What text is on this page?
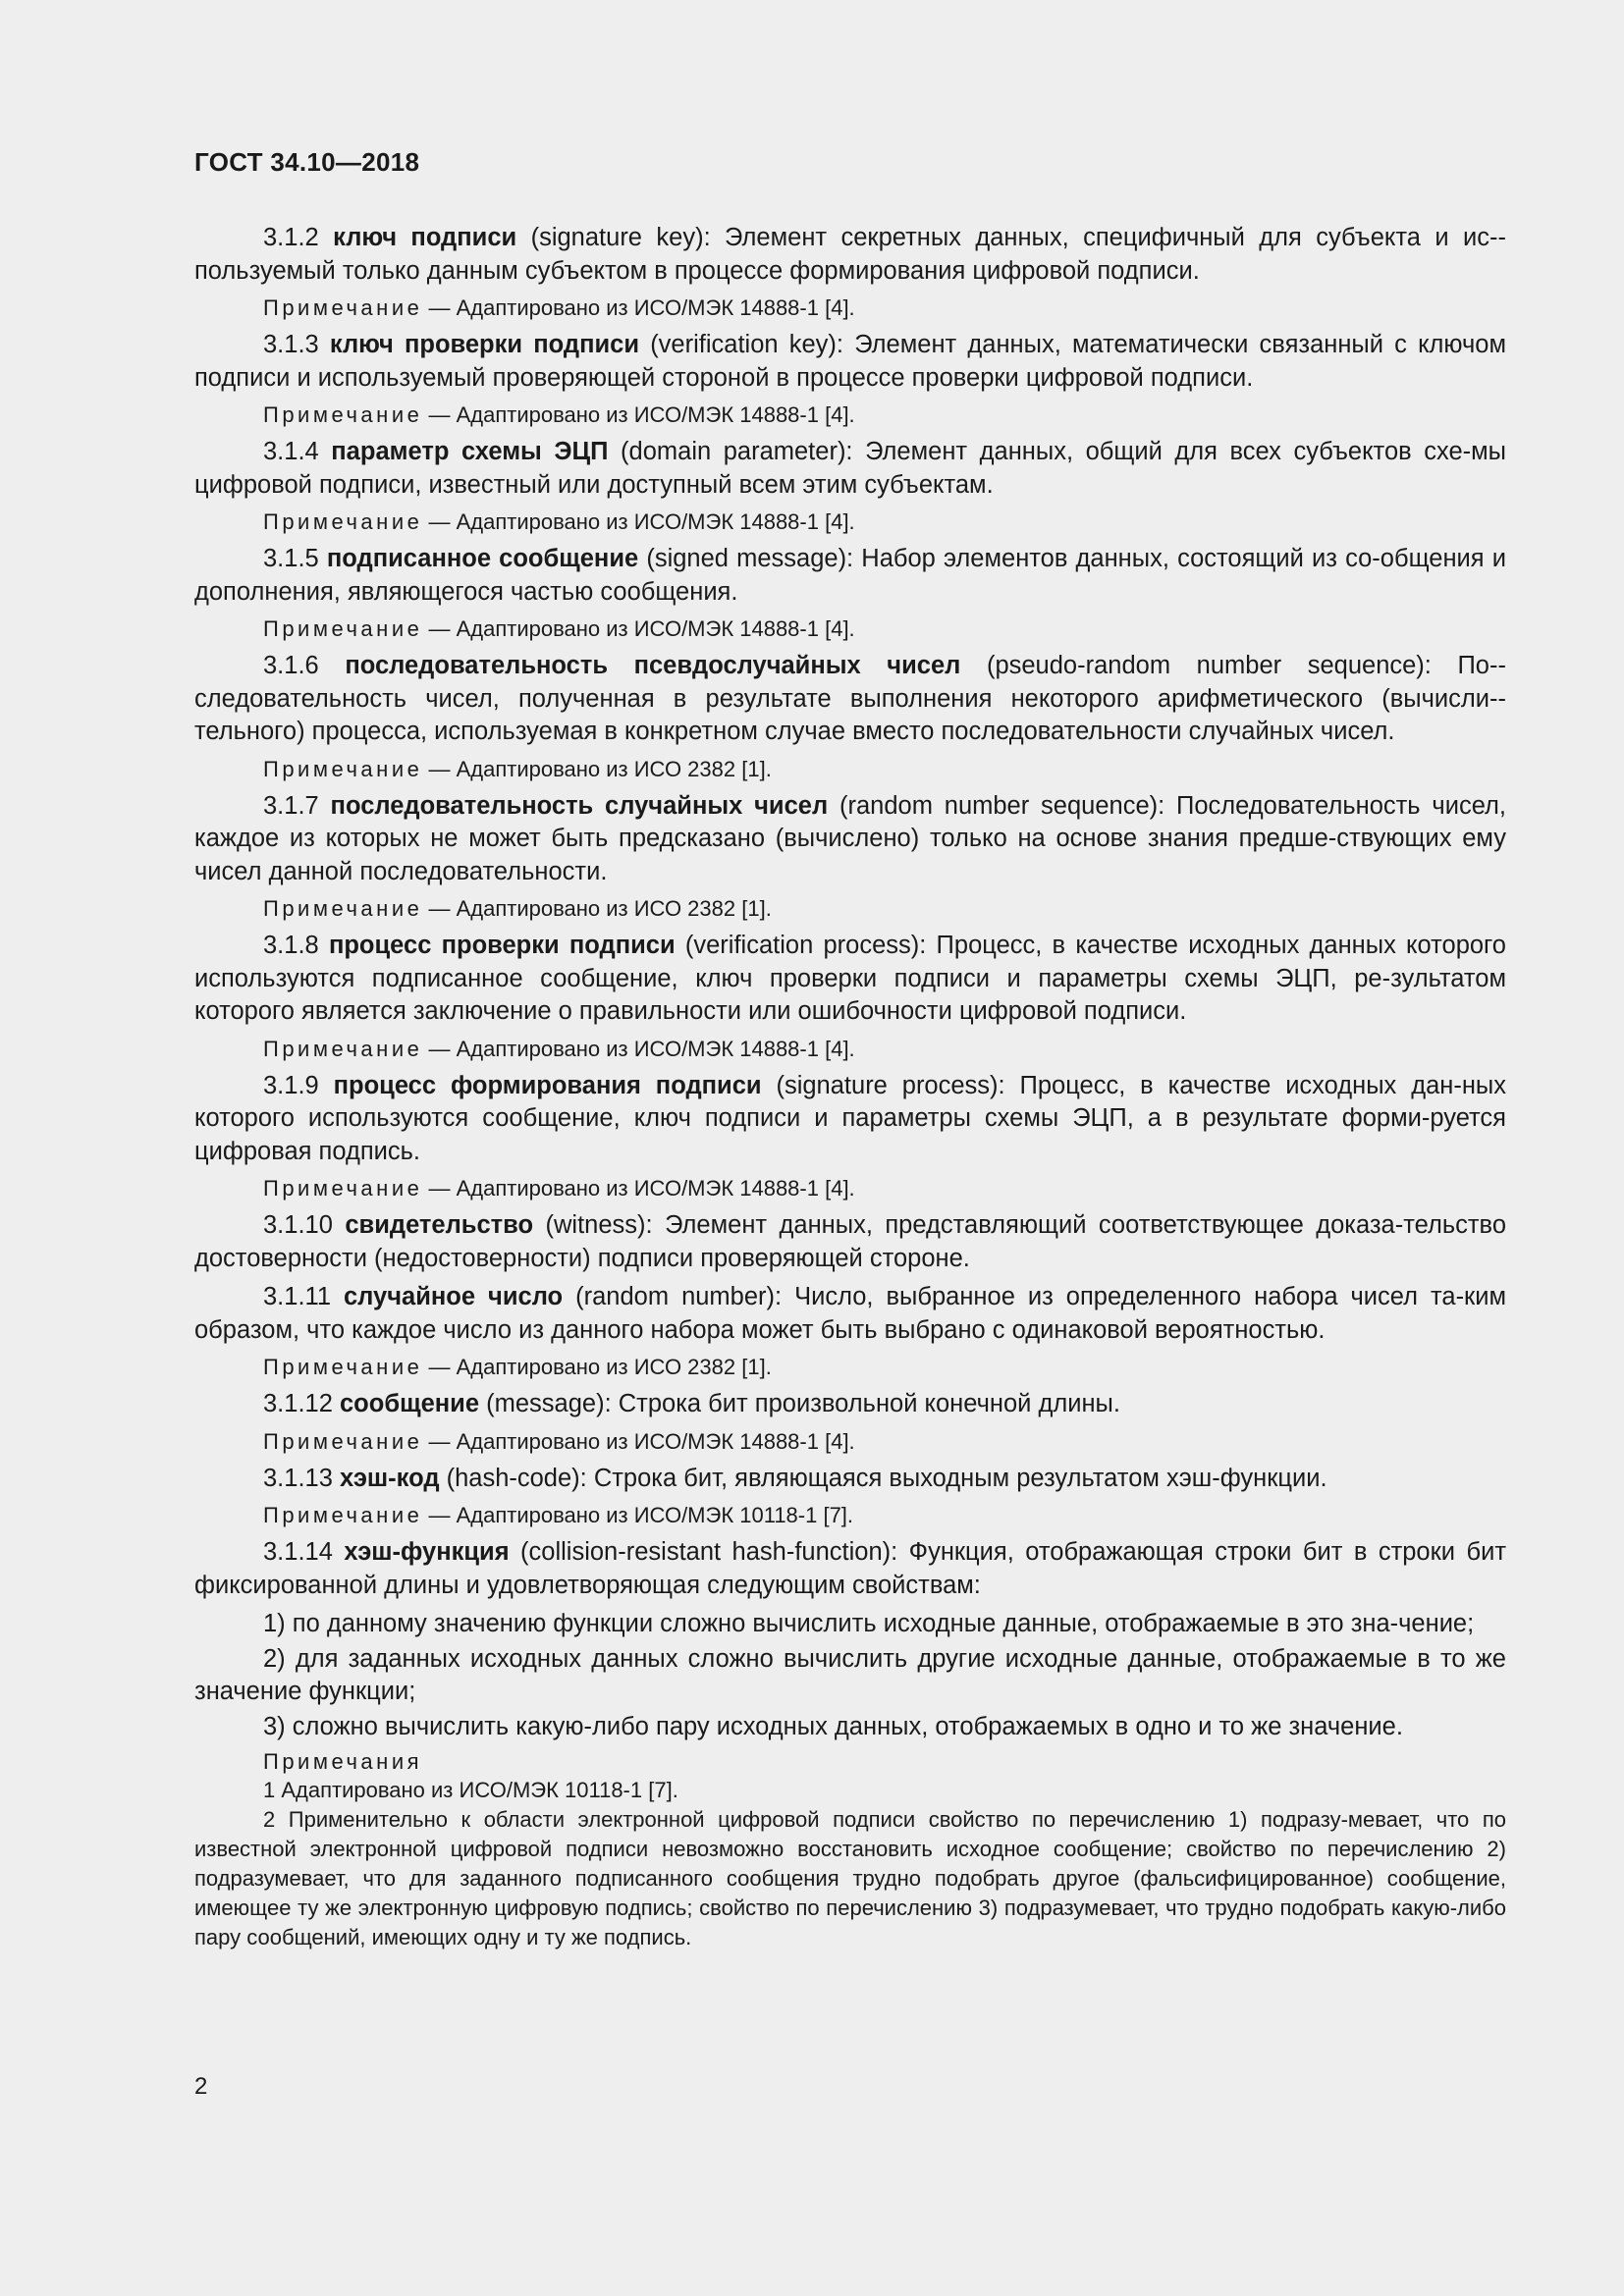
ГОСТ 34.10—2018

3.1.2 ключ подписи (signature key): Элемент секретных данных, специфичный для субъекта и ис-пользуемый только данным субъектом в процессе формирования цифровой подписи.

Примечание — Адаптировано из ИСО/МЭК 14888-1 [4].

3.1.3 ключ проверки подписи (verification key): Элемент данных, математически связанный с ключом подписи и используемый проверяющей стороной в процессе проверки цифровой подписи.

Примечание — Адаптировано из ИСО/МЭК 14888-1 [4].

3.1.4 параметр схемы ЭЦП (domain parameter): Элемент данных, общий для всех субъектов схе-мы цифровой подписи, известный или доступный всем этим субъектам.

Примечание — Адаптировано из ИСО/МЭК 14888-1 [4].

3.1.5 подписанное сообщение (signed message): Набор элементов данных, состоящий из со-общения и дополнения, являющегося частью сообщения.

Примечание — Адаптировано из ИСО/МЭК 14888-1 [4].

3.1.6 последовательность псевдослучайных чисел (pseudo-random number sequence): По-следовательность чисел, полученная в результате выполнения некоторого арифметического (вычисли-тельного) процесса, используемая в конкретном случае вместо последовательности случайных чисел.

Примечание — Адаптировано из ИСО 2382 [1].

3.1.7 последовательность случайных чисел (random number sequence): Последовательность чисел, каждое из которых не может быть предсказано (вычислено) только на основе знания предше-ствующих ему чисел данной последовательности.

Примечание — Адаптировано из ИСО 2382 [1].

3.1.8 процесс проверки подписи (verification process): Процесс, в качестве исходных данных которого используются подписанное сообщение, ключ проверки подписи и параметры схемы ЭЦП, ре-зультатом которого является заключение о правильности или ошибочности цифровой подписи.

Примечание — Адаптировано из ИСО/МЭК 14888-1 [4].

3.1.9 процесс формирования подписи (signature process): Процесс, в качестве исходных дан-ных которого используются сообщение, ключ подписи и параметры схемы ЭЦП, а в результате форми-руется цифровая подпись.

Примечание — Адаптировано из ИСО/МЭК 14888-1 [4].

3.1.10 свидетельство (witness): Элемент данных, представляющий соответствующее доказа-тельство достоверности (недостоверности) подписи проверяющей стороне.

3.1.11 случайное число (random number): Число, выбранное из определенного набора чисел та-ким образом, что каждое число из данного набора может быть выбрано с одинаковой вероятностью.

Примечание — Адаптировано из ИСО 2382 [1].

3.1.12 сообщение (message): Строка бит произвольной конечной длины.

Примечание — Адаптировано из ИСО/МЭК 14888-1 [4].

3.1.13 хэш-код (hash-code): Строка бит, являющаяся выходным результатом хэш-функции.

Примечание — Адаптировано из ИСО/МЭК 10118-1 [7].

3.1.14 хэш-функция (collision-resistant hash-function): Функция, отображающая строки бит в строки бит фиксированной длины и удовлетворяющая следующим свойствам:

1) по данному значению функции сложно вычислить исходные данные, отображаемые в это зна-чение;

2) для заданных исходных данных сложно вычислить другие исходные данные, отображаемые в то же значение функции;

3) сложно вычислить какую-либо пару исходных данных, отображаемых в одно и то же значение.

Примечания

1 Адаптировано из ИСО/МЭК 10118-1 [7].

2 Применительно к области электронной цифровой подписи свойство по перечислению 1) подразу-мевает, что по известной электронной цифровой подписи невозможно восстановить исходное сообщение; свойство по перечислению 2) подразумевает, что для заданного подписанного сообщения трудно подобрать другое (фальсифицированное) сообщение, имеющее ту же электронную цифровую подпись; свойство по перечислению 3) подразумевает, что трудно подобрать какую-либо пару сообщений, имеющих одну и ту же подпись.

2
